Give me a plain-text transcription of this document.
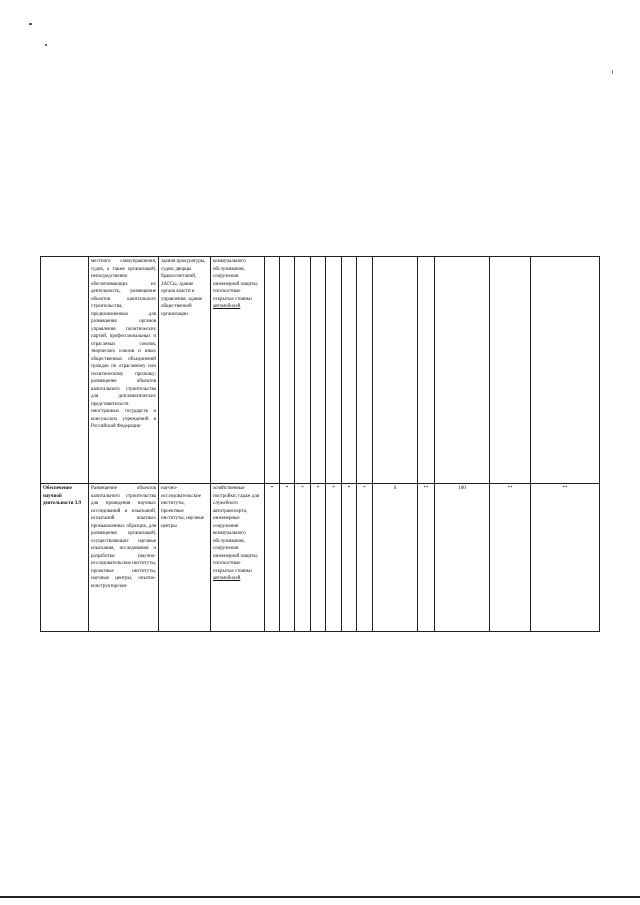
	местного самоуправления, судов, а также организаций, непосредственно обеспечивающих их деятельность; размещение объектов капитального строительства, предназначенных для размещения органов управления политических партий, профессиональных и отраслевых союзов, творческих союзов и иных общественных объединений граждан по отраслевому или политическому признаку; размещение объектов капитального строительства для дипломатических представительств иностранных государств и консульских учреждений в Российской Федерации	здания прокуратуры, судов; дворцы бракосочетаний, ЗАГСы, здание органа власти и управления, здание общественной организации	коммунального обслуживания, сооружения инженерной защиты, плоскостные открытые стоянки автомобилей												
Обеспечение научной деятельности 3.9	Размещение объектов капитального строительства для проведения научных исследований и изысканий, испытаний опытных промышленных образцов, для размещения организаций, осуществляющих научные изыскания, исследования и разработки (научно-исследовательские институты, проектные институты, научные центры, опытно-конструкторские	научно-исследовательские институты, проектные институты, научные центры	хозяйственные постройки; гараж для служебного автотранспорта, инженерные сооружения коммунального обслуживания, сооружения инженерной защиты, плоскостные открытые стоянки автомобилей	*	*	*	*	*	*	*	6	**	100	**	**
